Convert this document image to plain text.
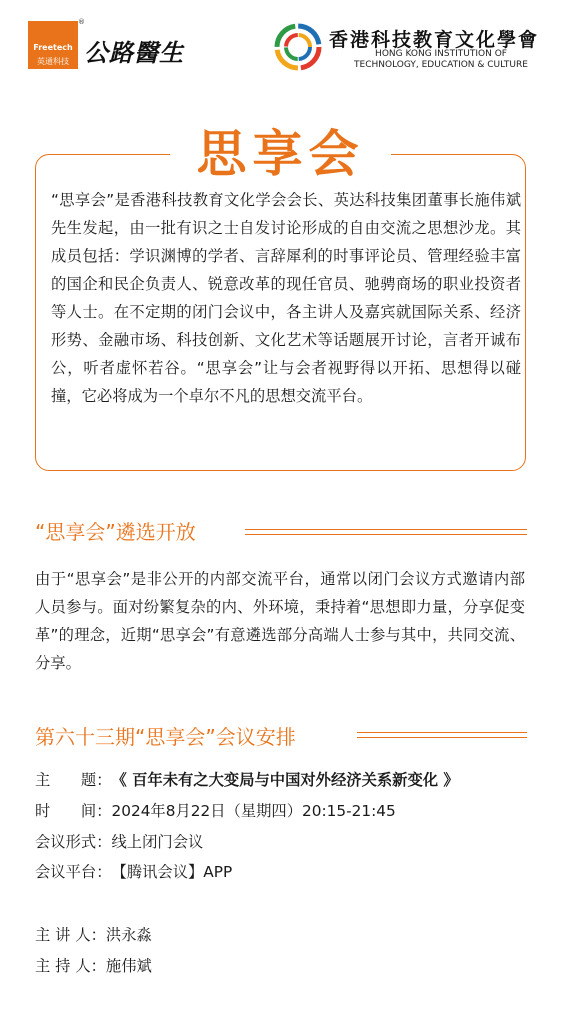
Freetech
英通科技
®
公路醫生	香港科技教育文化學會
HONG KONG INSTITUTION OF
TECHNOLOGY, EDUCATION & CULTURE
思享会
“思享会”是香港科技教育文化学会会长、英达科技集团董事长施伟斌先生发起，由一批有识之士自发讨论形成的自由交流之思想沙龙。其成员包括：学识渊博的学者、言辞犀利的时事评论员、管理经验丰富的国企和民企负责人、锐意改革的现任官员、驰骋商场的职业投资者等人士。在不定期的闭门会议中，各主讲人及嘉宾就国际关系、经济形势、金融市场、科技创新、文化艺术等话题展开讨论，言者开诚布公，听者虚怀若谷。“思享会”让与会者视野得以开拓、思想得以碰撞，它必将成为一个卓尔不凡的思想交流平台。
“思享会”遴选开放
由于“思享会”是非公开的内部交流平台，通常以闭门会议方式邀请内部人员参与。面对纷繁复杂的内、外环境，秉持着“思想即力量，分享促变革”的理念，近期“思享会”有意遴选部分高端人士参与其中，共同交流、分享。
第六十三期“思享会”会议安排
主　　题：《 百年未有之大变局与中国对外经济关系新变化 》
时　　间：2024年8月22日（星期四）20:15-21:45
会议形式：线上闭门会议
会议平台：【腾讯会议】APP
主 讲 人：洪永淼
主 持 人：施伟斌
